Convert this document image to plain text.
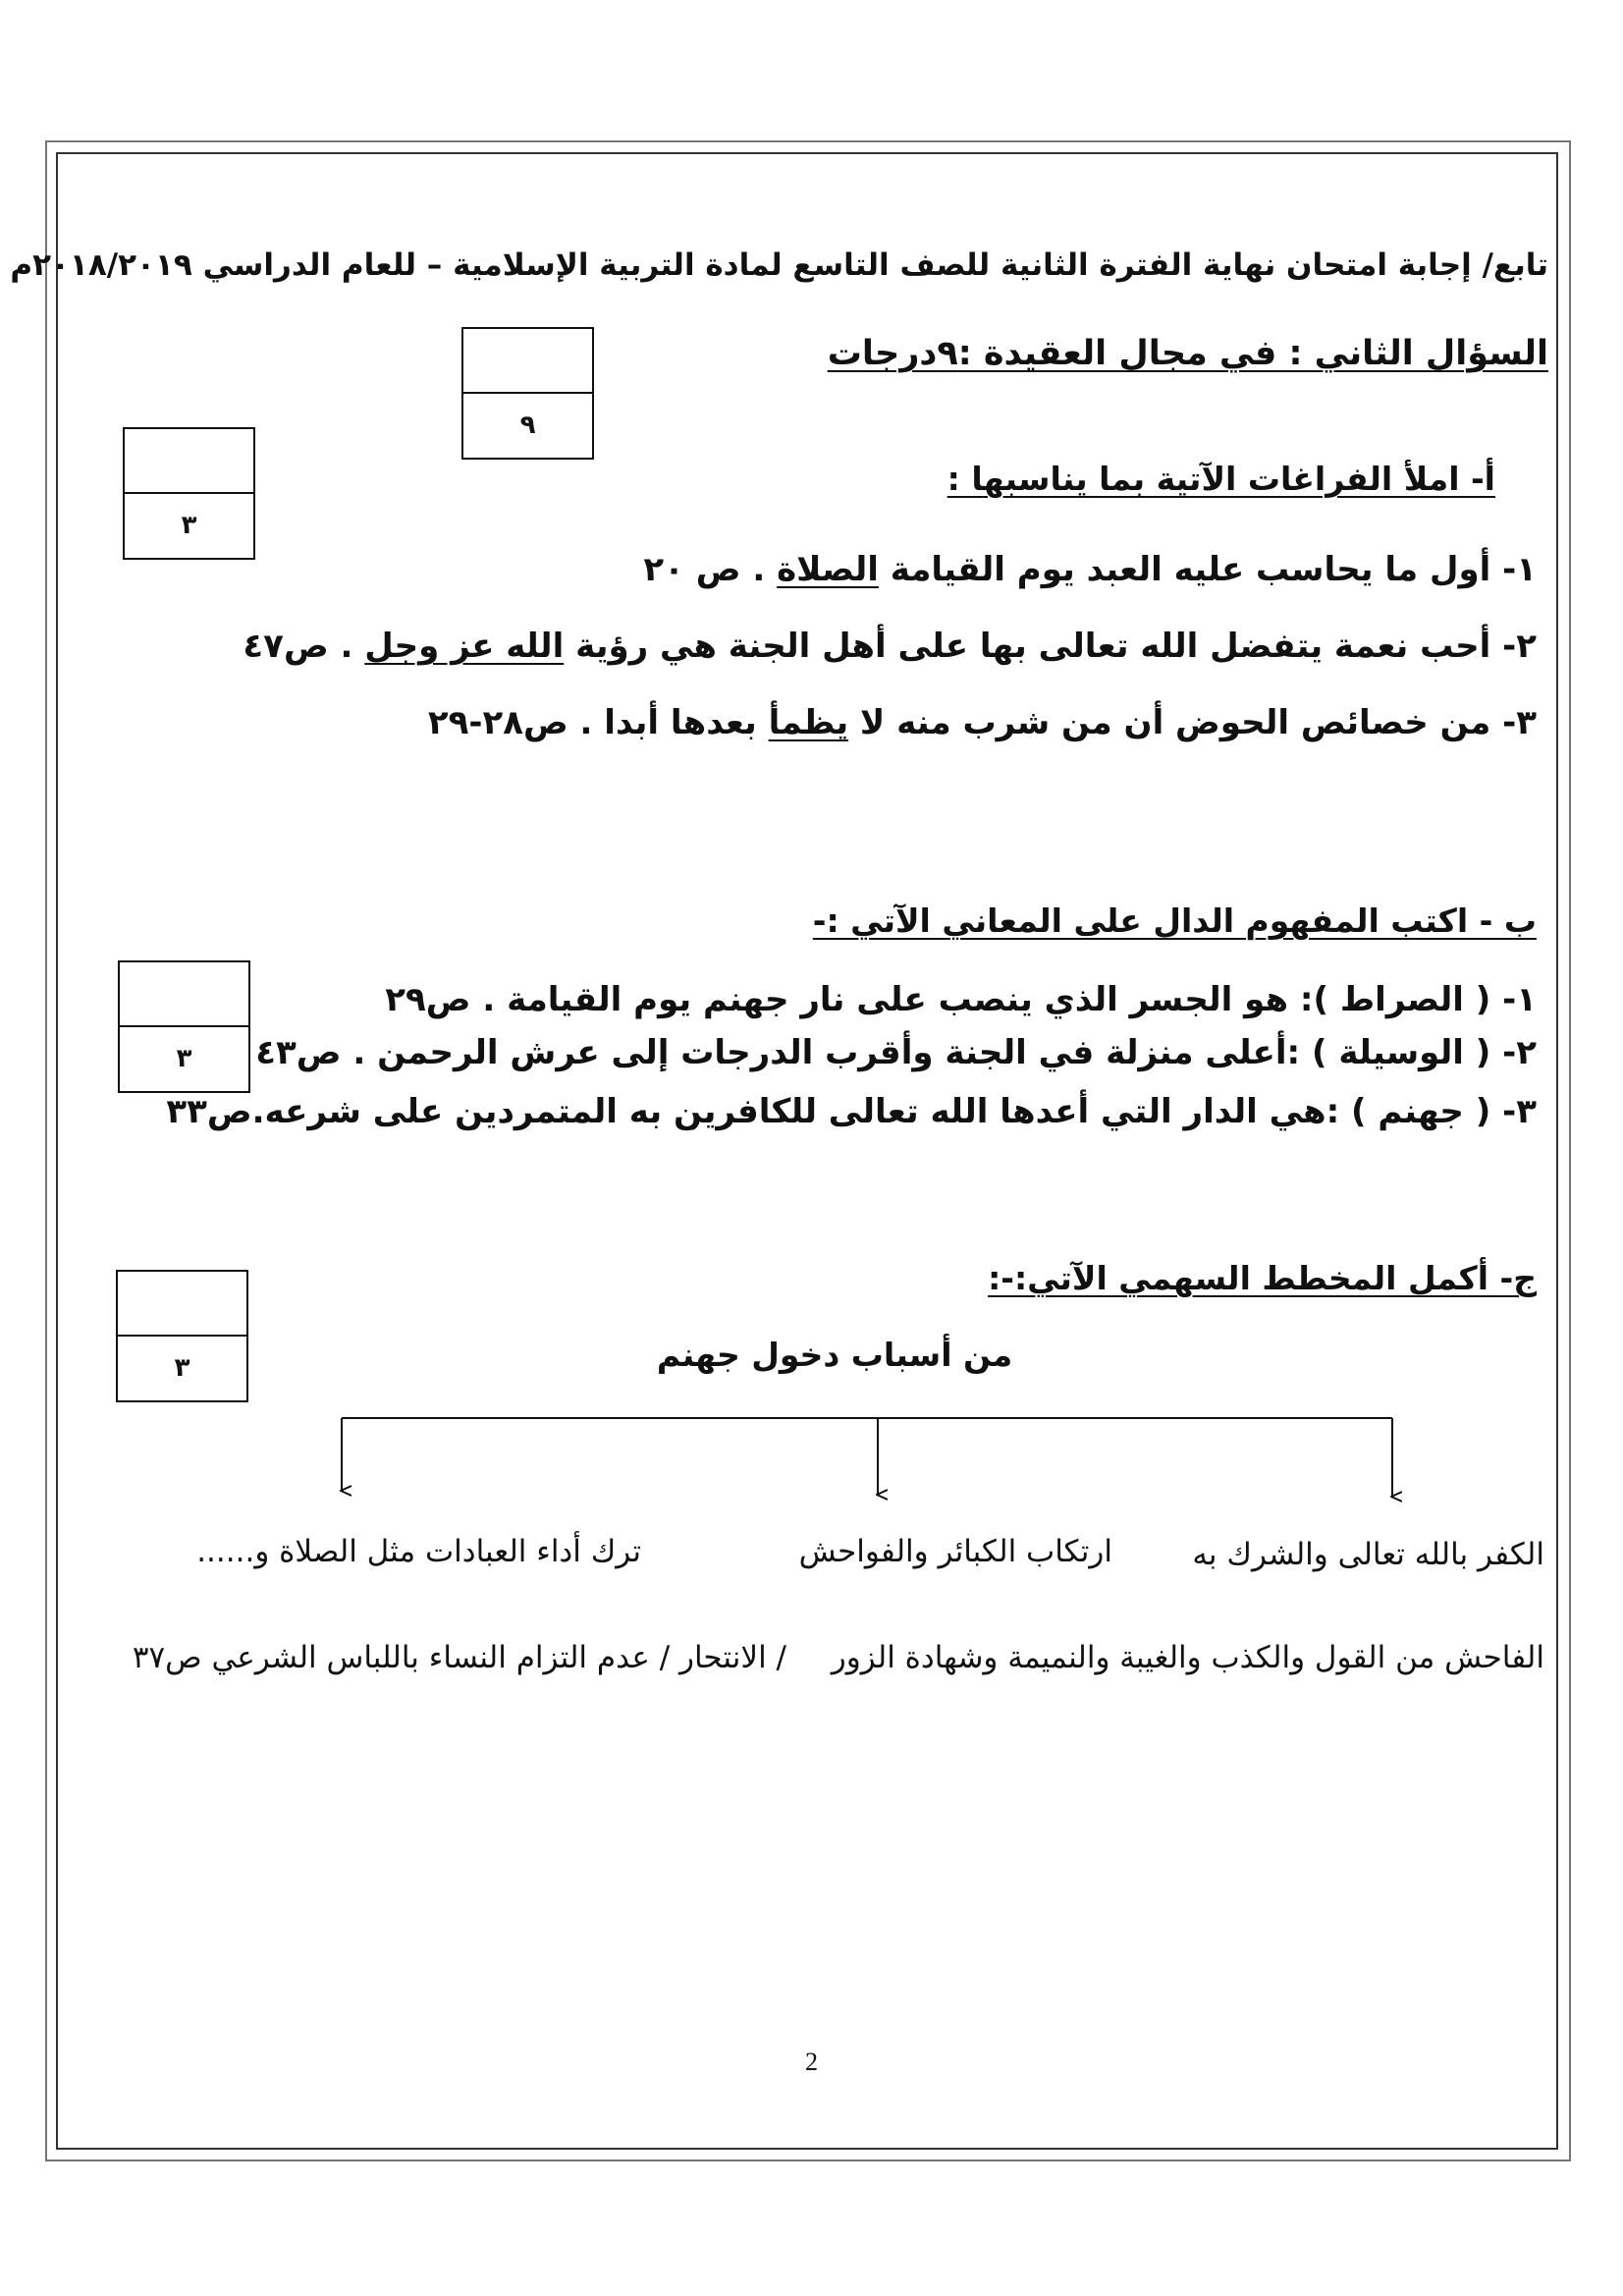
تابع/ إجابة امتحان نهاية الفترة الثانية للصف التاسع لمادة التربية الإسلامية – للعام الدراسي ٢٠١٨/٢٠١٩م
السؤال الثاني : في مجال العقيدة :٩درجات
٩
أ- املأ الفراغات الآتية بما يناسبها :
٣
١- أول ما يحاسب عليه العبد يوم القيامة الصلاة . ص ٢٠
٢- أحب نعمة يتفضل الله تعالى بها على أهل الجنة هي رؤية الله عز وجل . ص٤٧
٣- من خصائص الحوض أن من شرب منه لا يظمأ بعدها أبدا . ص٢٨-٢٩
ب - اكتب المفهوم الدال على المعاني الآتي :-
٣
١- ( الصراط ): هو الجسر الذي ينصب على نار جهنم يوم القيامة . ص٢٩
٢- ( الوسيلة ) :أعلى منزلة في الجنة وأقرب الدرجات إلى عرش الرحمن . ص٤٣
٣- ( جهنم ) :هي الدار التي أعدها الله تعالى للكافرين به المتمردين على شرعه.ص٣٣
ج- أكمل المخطط السهمي الآتي:-:
٣	من أسباب دخول جهنم
الكفر بالله تعالى والشرك به
ارتكاب الكبائر والفواحش
ترك أداء العبادات مثل الصلاة و......
الفاحش من القول والكذب والغيبة والنميمة وشهادة الزور
/ الانتحار / عدم التزام النساء باللباس الشرعي ص٣٧
2
